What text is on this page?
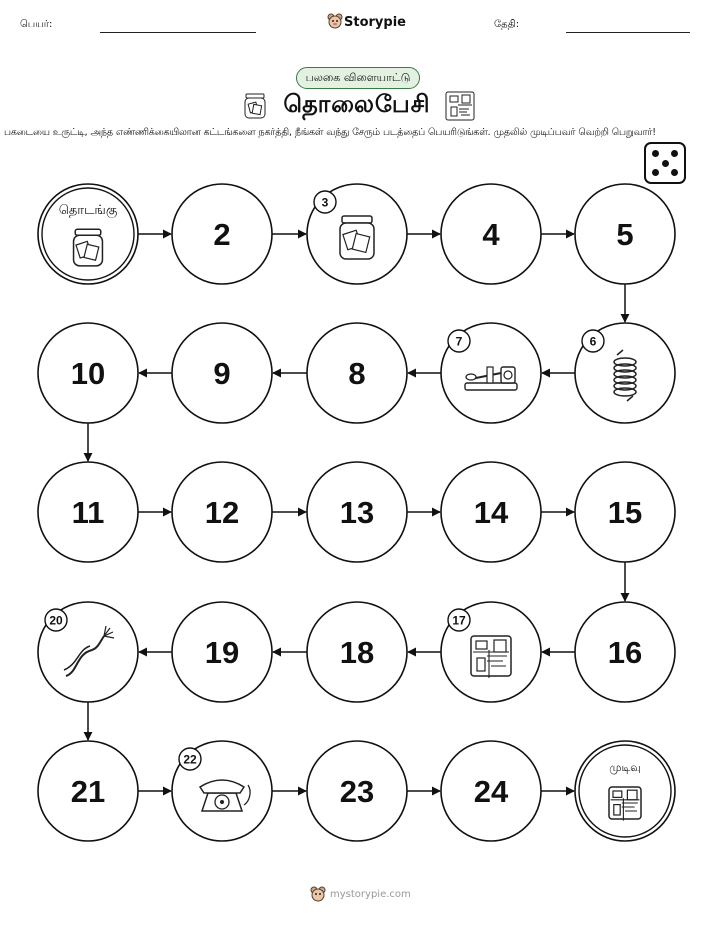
பெயர்:	Storypie	தேதி:
பலகை விளையாட்டு
தொலைபேசி
பகடையை உருட்டி, அந்த எண்ணிக்கையிலான கட்டங்களை நகர்த்தி, நீங்கள் வந்து சேரும் படத்தைப் பெயரிடுங்கள். முதலில் முடிப்பவர் வெற்றி பெறுவார்!
தொடங்கு
2
3
4	5
6
7
8
9
10
11	12	13	14	15
16
17
18
19
20
21
22
23	24
முடிவு
mystorypie.com
